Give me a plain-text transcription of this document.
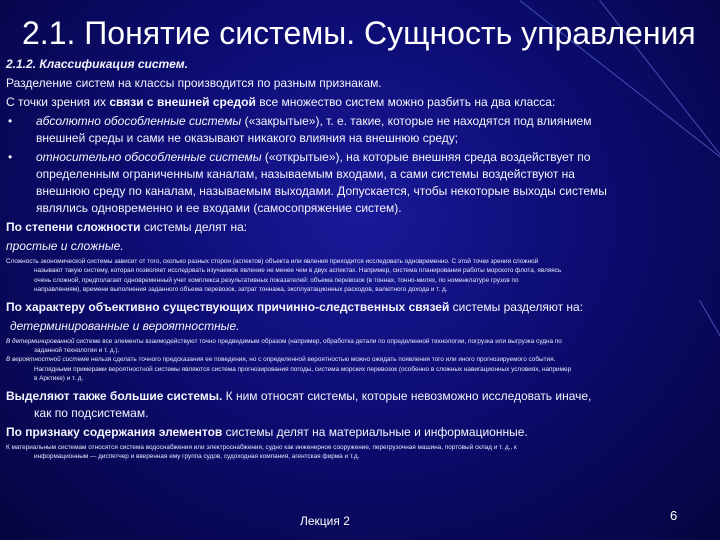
2.1. Понятие системы. Сущность управления
2.1.2. Классификация систем.
Разделение систем на классы производится по разным признакам.
С точки зрения их связи с внешней средой все множество систем можно разбить на два класса:
• абсолютно обособленные системы («закрытые»), т. е. такие, которые не находятся под влиянием
внешней среды и сами не оказывают никакого влияния на внешнюю среду;
• относительно обособленные системы («открытые»), на которые внешняя среда воздействует по
определенным ограниченным каналам, называемым входами, а сами системы воздействуют на
внешнюю среду по каналам, называемым выходами. Допускается, чтобы некоторые выходы системы
являлись одновременно и ее входами (самосопряжение систем).
По степени сложности системы делят на:
простые и сложные.
Сложность экономической системы зависит от того, сколько разных сторон (аспектов) объекта или явления приходится исследовать одновременно. С этой точки зрения сложной
называют такую систему, которая позволяет исследовать изучаемое явление не менее чем в двух аспектах. Например, система планирования работы морского флота, являясь
очень сложной, предполагает одновременный учет комплекса результативных показателей: объема перевозок (в тоннах, тонно-милях, по номенклатуре грузов по
направлениям), времени выполнения заданного объема перевозок, затрат тоннажа, эксплуатационных расходов, валютного дохода и т. д.
По характеру объективно существующих причинно-следственных связей системы разделяют на:
детерминированные и вероятностные.
В детерминированной системе все элементы взаимодействуют точно предвидимым образом (например, обработка детали по определенной технологии, погрузка или выгрузка судна по
заданной технологии и т. д.).
В вероятностной системе нельзя сделать точного предсказания ее поведения, но с определенной вероятностью можно ожидать появления того или иного прогнозируемого события.
Наглядными примерами вероятностной системы являются система прогнозирования погоды, система морских перевозок (особенно в сложных навигационных условиях, например
в Арктике) и т. д.
Выделяют также большие системы. К ним относят системы, которые невозможно исследовать иначе,
как по подсистемам.
По признаку содержания элементов системы делят на материальные и информационные.
К материальным системам относятся система водоснабжения или электроснабжения, судно как инженерное сооружение, перегрузочная машина, портовый склад и т. д., к
информационным — диспетчер и вверенная ему группа судов, судоходная компания, агентская фирма и т.д.
Лекция 2	6
